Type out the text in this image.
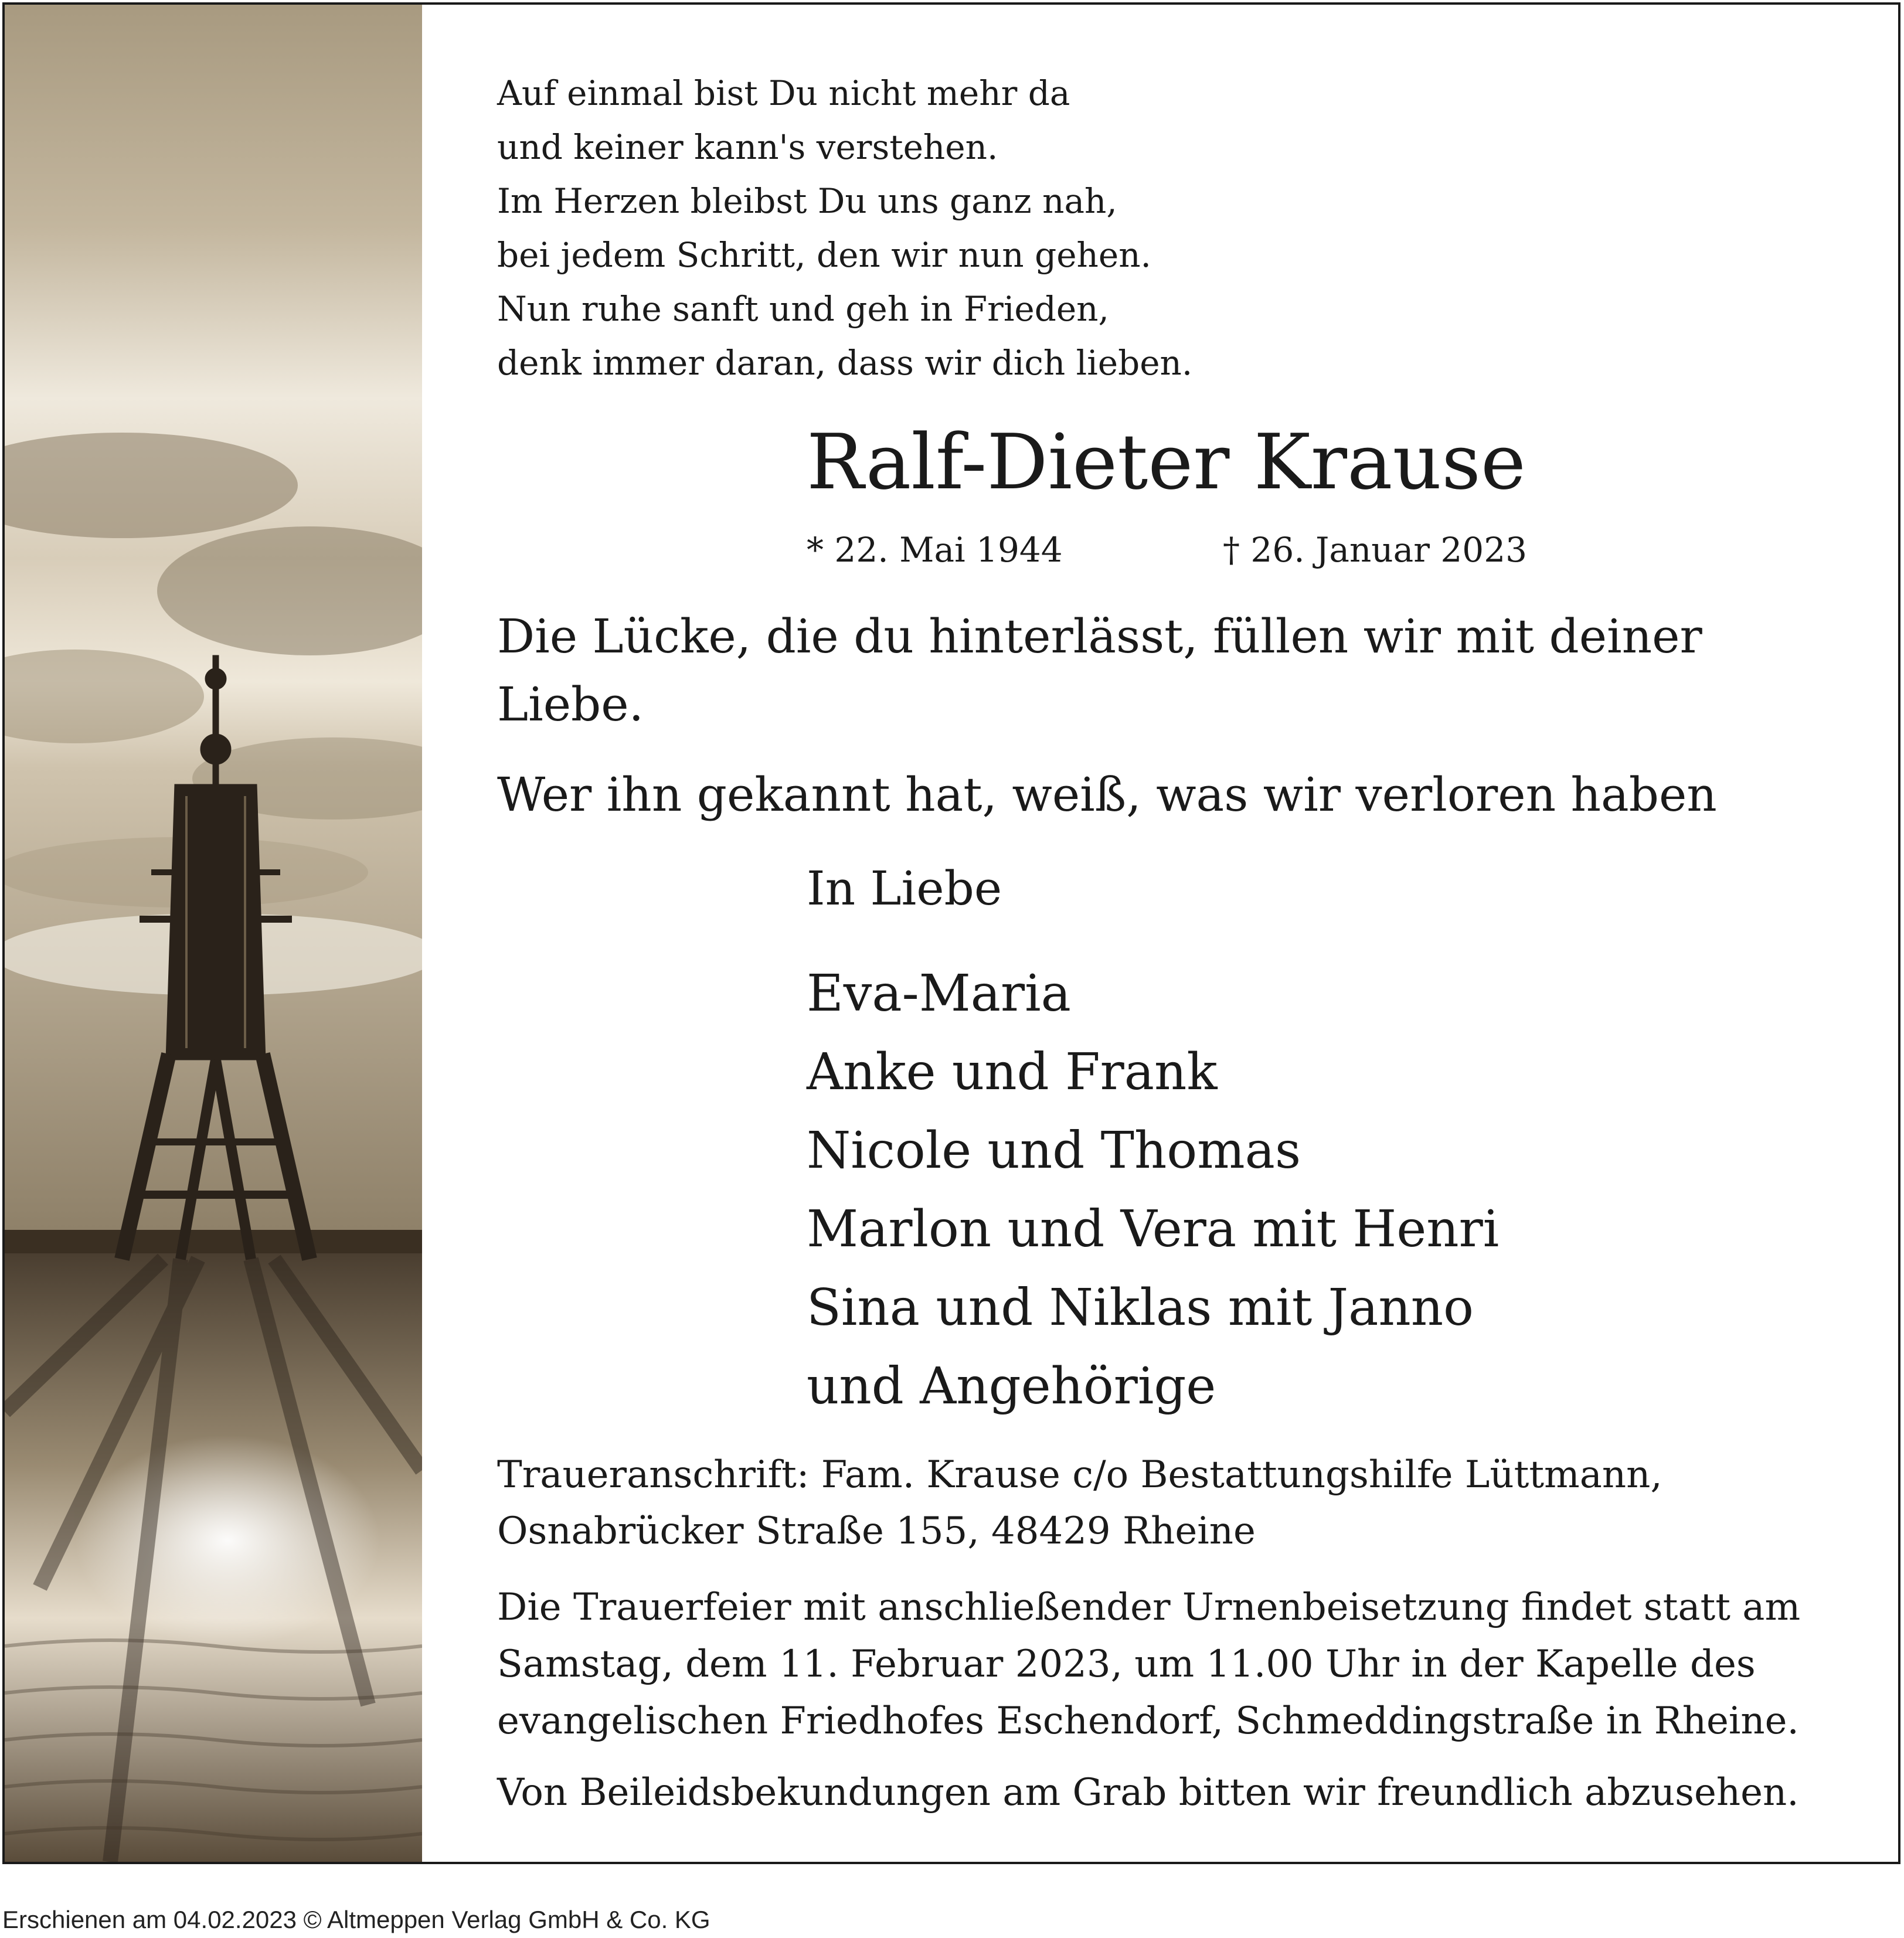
Auf einmal bist Du nicht mehr da
und keiner kann's verstehen.
Im Herzen bleibst Du uns ganz nah,
bei jedem Schritt, den wir nun gehen.
Nun ruhe sanft und geh in Frieden,
denk immer daran, dass wir dich lieben.
Ralf-Dieter Krause
* 22. Mai 1944	† 26. Januar 2023
Die Lücke, die du hinterlässt, füllen wir mit deiner Liebe.
Wer ihn gekannt hat, weiß, was wir verloren haben
In Liebe
Eva-Maria
Anke und Frank
Nicole und Thomas
Marlon und Vera mit Henri
Sina und Niklas mit Janno
und Angehörige
Traueranschrift: Fam. Krause c/o Bestattungshilfe Lüttmann,
Osnabrücker Straße 155, 48429 Rheine
Die Trauerfeier mit anschließender Urnenbeisetzung findet statt am
Samstag, dem 11. Februar 2023, um 11.00 Uhr in der Kapelle des
evangelischen Friedhofes Eschendorf, Schmeddingstraße in Rheine.
Von Beileidsbekundungen am Grab bitten wir freundlich abzusehen.
Erschienen am 04.02.2023 © Altmeppen Verlag GmbH & Co. KG
